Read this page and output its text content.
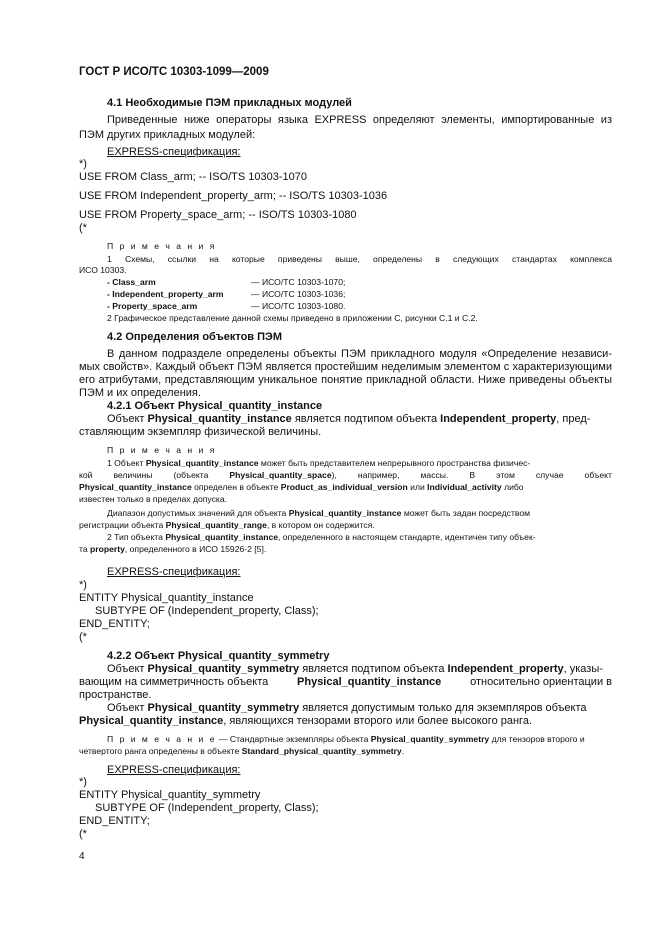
ГОСТ Р ИСО/ТС 10303-1099—2009
4.1 Необходимые ПЭМ прикладных модулей
Приведенные ниже операторы языка EXPRESS определяют элементы, импортированные из
ПЭМ других прикладных модулей:
EXPRESS-спецификация:
*)
USE FROM Class_arm; -- ISO/TS 10303-1070
USE FROM Independent_property_arm; -- ISO/TS 10303-1036
USE FROM Property_space_arm; -- ISO/TS 10303-1080
(*
П р и м е ч а н и я
1 Схемы, ссылки на которые приведены выше, определены в следующих стандартах комплекса
ИСО 10303.
- Class_arm	— ИСО/ТС 10303-1070;
- Independent_property_arm	— ИСО/ТС 10303-1036;
- Property_space_arm	— ИСО/ТС 10303-1080.
2 Графическое представление данной схемы приведено в приложении С, рисунки С.1 и С.2.
4.2 Определения объектов ПЭМ
В данном подразделе определены объекты ПЭМ прикладного модуля «Определение независи-
мых свойств». Каждый объект ПЭМ является простейшим неделимым элементом с характеризующими
его атрибутами, представляющим уникальное понятие прикладной области. Ниже приведены объекты
ПЭМ и их определения.
4.2.1 Объект Physical_quantity_instance
Объект Physical_quantity_instance является подтипом объекта Independent_property, пред-
ставляющим экземпляр физической величины.
П р и м е ч а н и я
1 Объект Physical_quantity_instance может быть представителем непрерывного пространства физичес-
кой величины (объекта Physical_quantity_space), например, массы. В этом случае объект
Physical_quantity_instance определен в объекте Product_as_individual_version или Individual_activity либо
известен только в пределах допуска.
Диапазон допустимых значений для объекта Physical_quantity_instance может быть задан посредством
регистрации объекта Physical_quantity_range, в котором он содержится.
2 Тип объекта Physical_quantity_instance, определенного в настоящем стандарте, идентичен типу объек-
та property, определенного в ИСО 15926-2 [5].
EXPRESS-спецификация:
*)
ENTITY Physical_quantity_instance
SUBTYPE OF (Independent_property, Class);
END_ENTITY;
(*
4.2.2 Объект Physical_quantity_symmetry
Объект Physical_quantity_symmetry является подтипом объекта Independent_property, указы-
вающим на симметричность объекта	Physical_quantity_instance	относительно ориентации в
пространстве.
Объект Physical_quantity_symmetry является допустимым только для экземпляров объекта
Physical_quantity_instance, являющихся тензорами второго или более высокого ранга.
П р и м е ч а н и е — Стандартные экземпляры объекта Physical_quantity_symmetry для тензоров второго и
четвертого ранга определены в объекте Standard_physical_quantity_symmetry.
EXPRESS-спецификация:
*)
ENTITY Physical_quantity_symmetry
SUBTYPE OF (Independent_property, Class);
END_ENTITY;
(*
4
